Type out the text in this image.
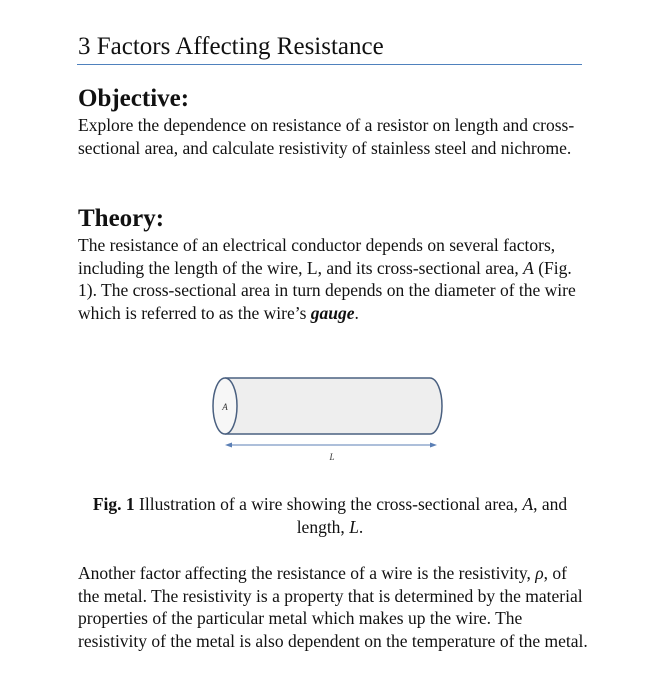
3 Factors Affecting Resistance
Objective:

Explore the dependence on resistance of a resistor on length and cross-sectional area, and calculate resistivity of stainless steel and nichrome.

Theory:

The resistance of an electrical conductor depends on several factors, including the length of the wire, L, and its cross-sectional area, A (Fig. 1). The cross-sectional area in turn depends on the diameter of the wire which is referred to as the wire’s gauge.

A
L

Fig. 1 Illustration of a wire showing the cross-sectional area, A, and length, L.

Another factor affecting the resistance of a wire is the resistivity, ρ, of the metal. The resistivity is a property that is determined by the material properties of the particular metal which makes up the wire. The resistivity of the metal is also dependent on the temperature of the metal.
